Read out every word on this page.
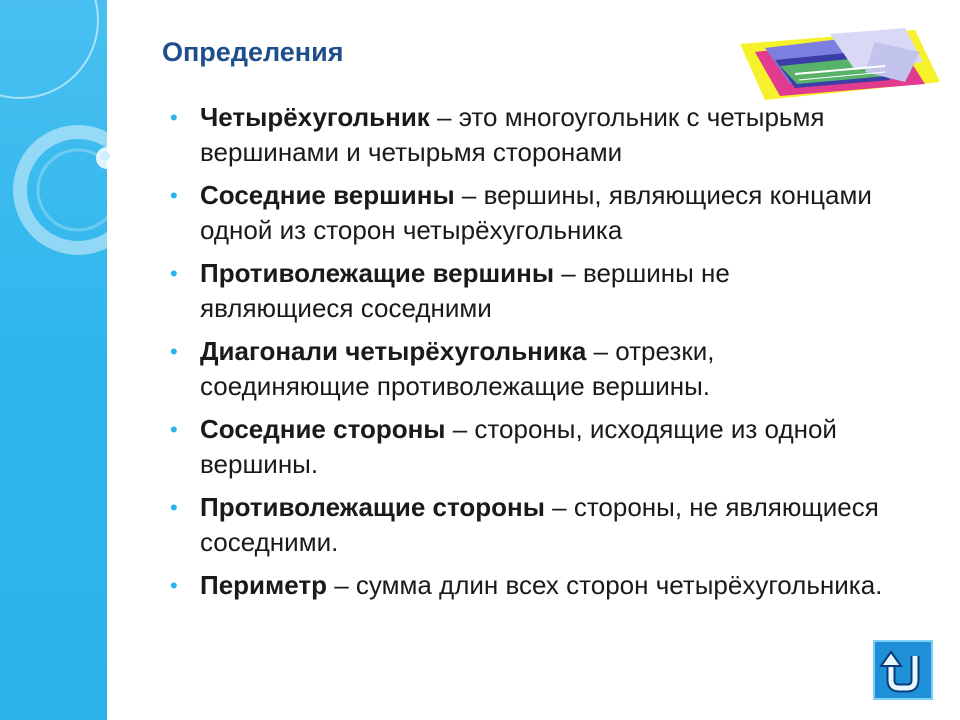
Определения
• Четырёхугольник – это многоугольник с четырьмя вершинами и четырьмя сторонами
• Соседние вершины – вершины, являющиеся концами одной из сторон четырёхугольника
• Противолежащие вершины – вершины не являющиеся соседними
• Диагонали четырёхугольника – отрезки, соединяющие противолежащие вершины.
• Соседние стороны – стороны, исходящие из одной вершины.
• Противолежащие стороны – стороны, не являющиеся соседними.
• Периметр – сумма длин всех сторон четырёхугольника.
